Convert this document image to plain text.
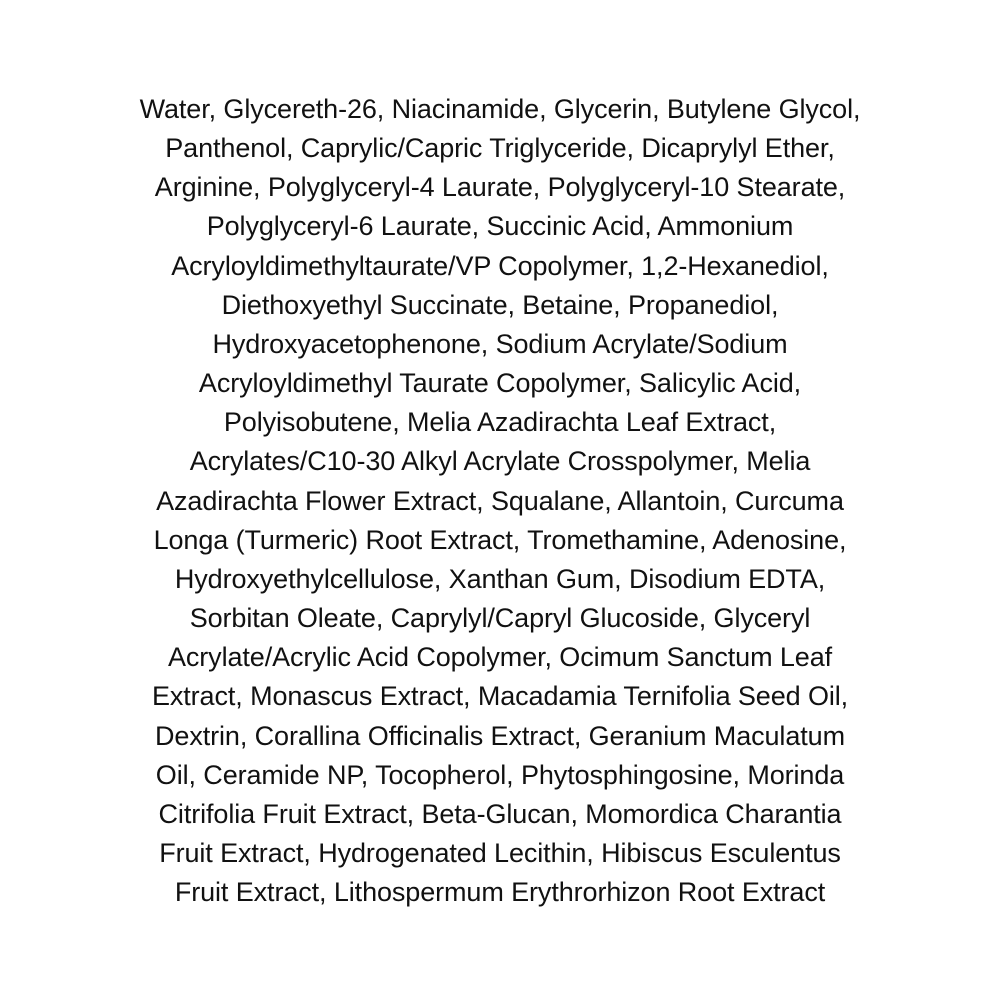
Water, Glycereth-26, Niacinamide, Glycerin, Butylene Glycol,
Panthenol, Caprylic/Capric Triglyceride, Dicaprylyl Ether,
Arginine, Polyglyceryl-4 Laurate, Polyglyceryl-10 Stearate,
Polyglyceryl-6 Laurate, Succinic Acid, Ammonium
Acryloyldimethyltaurate/VP Copolymer, 1,2-Hexanediol,
Diethoxyethyl Succinate, Betaine, Propanediol,
Hydroxyacetophenone, Sodium Acrylate/Sodium
Acryloyldimethyl Taurate Copolymer, Salicylic Acid,
Polyisobutene, Melia Azadirachta Leaf Extract,
Acrylates/C10-30 Alkyl Acrylate Crosspolymer, Melia
Azadirachta Flower Extract, Squalane, Allantoin, Curcuma
Longa (Turmeric) Root Extract, Tromethamine, Adenosine,
Hydroxyethylcellulose, Xanthan Gum, Disodium EDTA,
Sorbitan Oleate, Caprylyl/Capryl Glucoside, Glyceryl
Acrylate/Acrylic Acid Copolymer, Ocimum Sanctum Leaf
Extract, Monascus Extract, Macadamia Ternifolia Seed Oil,
Dextrin, Corallina Officinalis Extract, Geranium Maculatum
Oil, Ceramide NP, Tocopherol, Phytosphingosine, Morinda
Citrifolia Fruit Extract, Beta-Glucan, Momordica Charantia
Fruit Extract, Hydrogenated Lecithin, Hibiscus Esculentus
Fruit Extract, Lithospermum Erythrorhizon Root Extract
